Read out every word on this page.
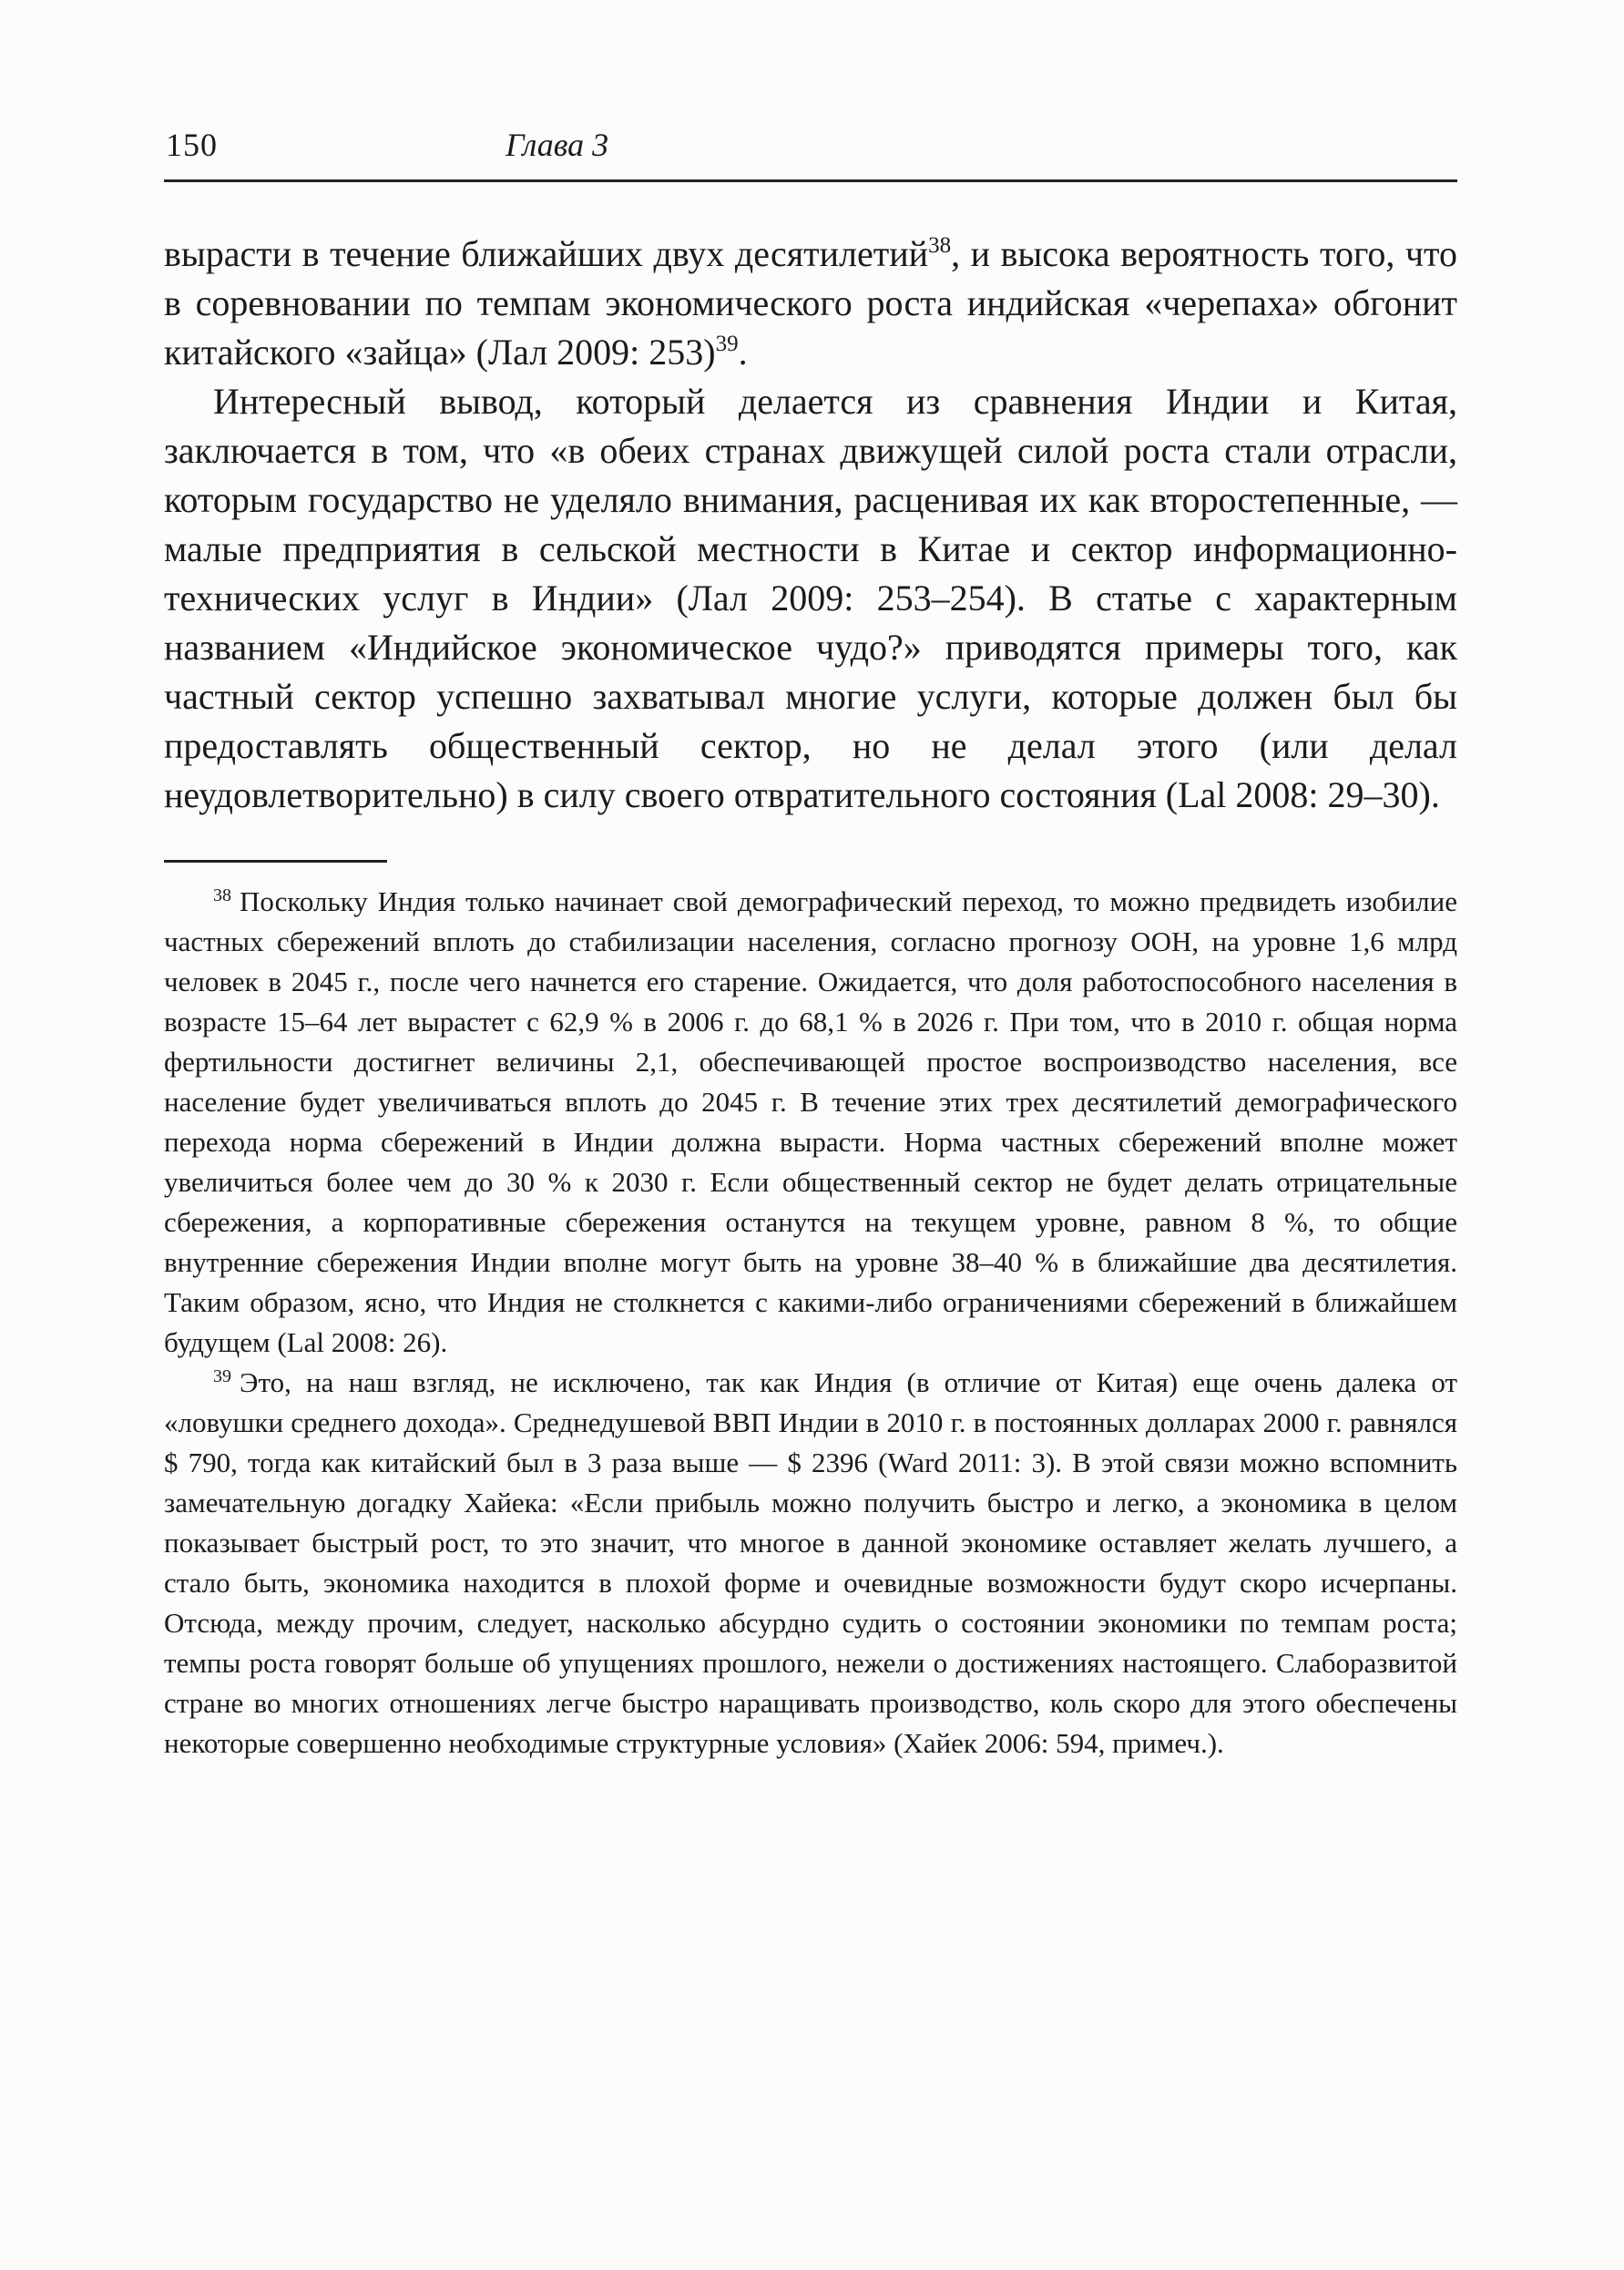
150	Глава 3

вырасти в течение ближайших двух десятилетий$^{38}$, и высока вероятность того, что в соревновании по темпам экономического роста индийская «черепаха» обгонит китайского «зайца» (Лал 2009: 253)$^{39}$.

Интересный вывод, который делается из сравнения Индии и Китая, заключается в том, что «в обеих странах движущей силой роста стали отрасли, которым государство не уделяло внимания, расценивая их как второстепенные, — малые предприятия в сельской местности в Китае и сектор информационно-технических услуг в Индии» (Лал 2009: 253–254). В статье с характерным названием «Индийское экономическое чудо?» приводятся примеры того, как частный сектор успешно захватывал многие услуги, которые должен был бы предоставлять общественный сектор, но не делал этого (или делал неудовлетворительно) в силу своего отвратительного состояния (Lal 2008: 29–30).

$^{38}$ Поскольку Индия только начинает свой демографический переход, то можно предвидеть изобилие частных сбережений вплоть до стабилизации населения, согласно прогнозу ООН, на уровне 1,6 млрд человек в 2045 г., после чего начнется его старение. Ожидается, что доля работоспособного населения в возрасте 15–64 лет вырастет с 62,9 % в 2006 г. до 68,1 % в 2026 г. При том, что в 2010 г. общая норма фертильности достигнет величины 2,1, обеспечивающей простое воспроизводство населения, все население будет увеличиваться вплоть до 2045 г. В течение этих трех десятилетий демографического перехода норма сбережений в Индии должна вырасти. Норма частных сбережений вполне может увеличиться более чем до 30 % к 2030 г. Если общественный сектор не будет делать отрицательные сбережения, а корпоративные сбережения останутся на текущем уровне, равном 8 %, то общие внутренние сбережения Индии вполне могут быть на уровне 38–40 % в ближайшие два десятилетия. Таким образом, ясно, что Индия не столкнется с какими-либо ограничениями сбережений в ближайшем будущем (Lal 2008: 26).

$^{39}$ Это, на наш взгляд, не исключено, так как Индия (в отличие от Китая) еще очень далека от «ловушки среднего дохода». Среднедушевой ВВП Индии в 2010 г. в постоянных долларах 2000 г. равнялся $ 790, тогда как китайский был в 3 раза выше — $ 2396 (Ward 2011: 3). В этой связи можно вспомнить замечательную догадку Хайека: «Если прибыль можно получить быстро и легко, а экономика в целом показывает быстрый рост, то это значит, что многое в данной экономике оставляет желать лучшего, а стало быть, экономика находится в плохой форме и очевидные возможности будут скоро исчерпаны. Отсюда, между прочим, следует, насколько абсурдно судить о состоянии экономики по темпам роста; темпы роста говорят больше об упущениях прошлого, нежели о достижениях настоящего. Слаборазвитой стране во многих отношениях легче быстро наращивать производство, коль скоро для этого обеспечены некоторые совершенно необходимые структурные условия» (Хайек 2006: 594, примеч.).
